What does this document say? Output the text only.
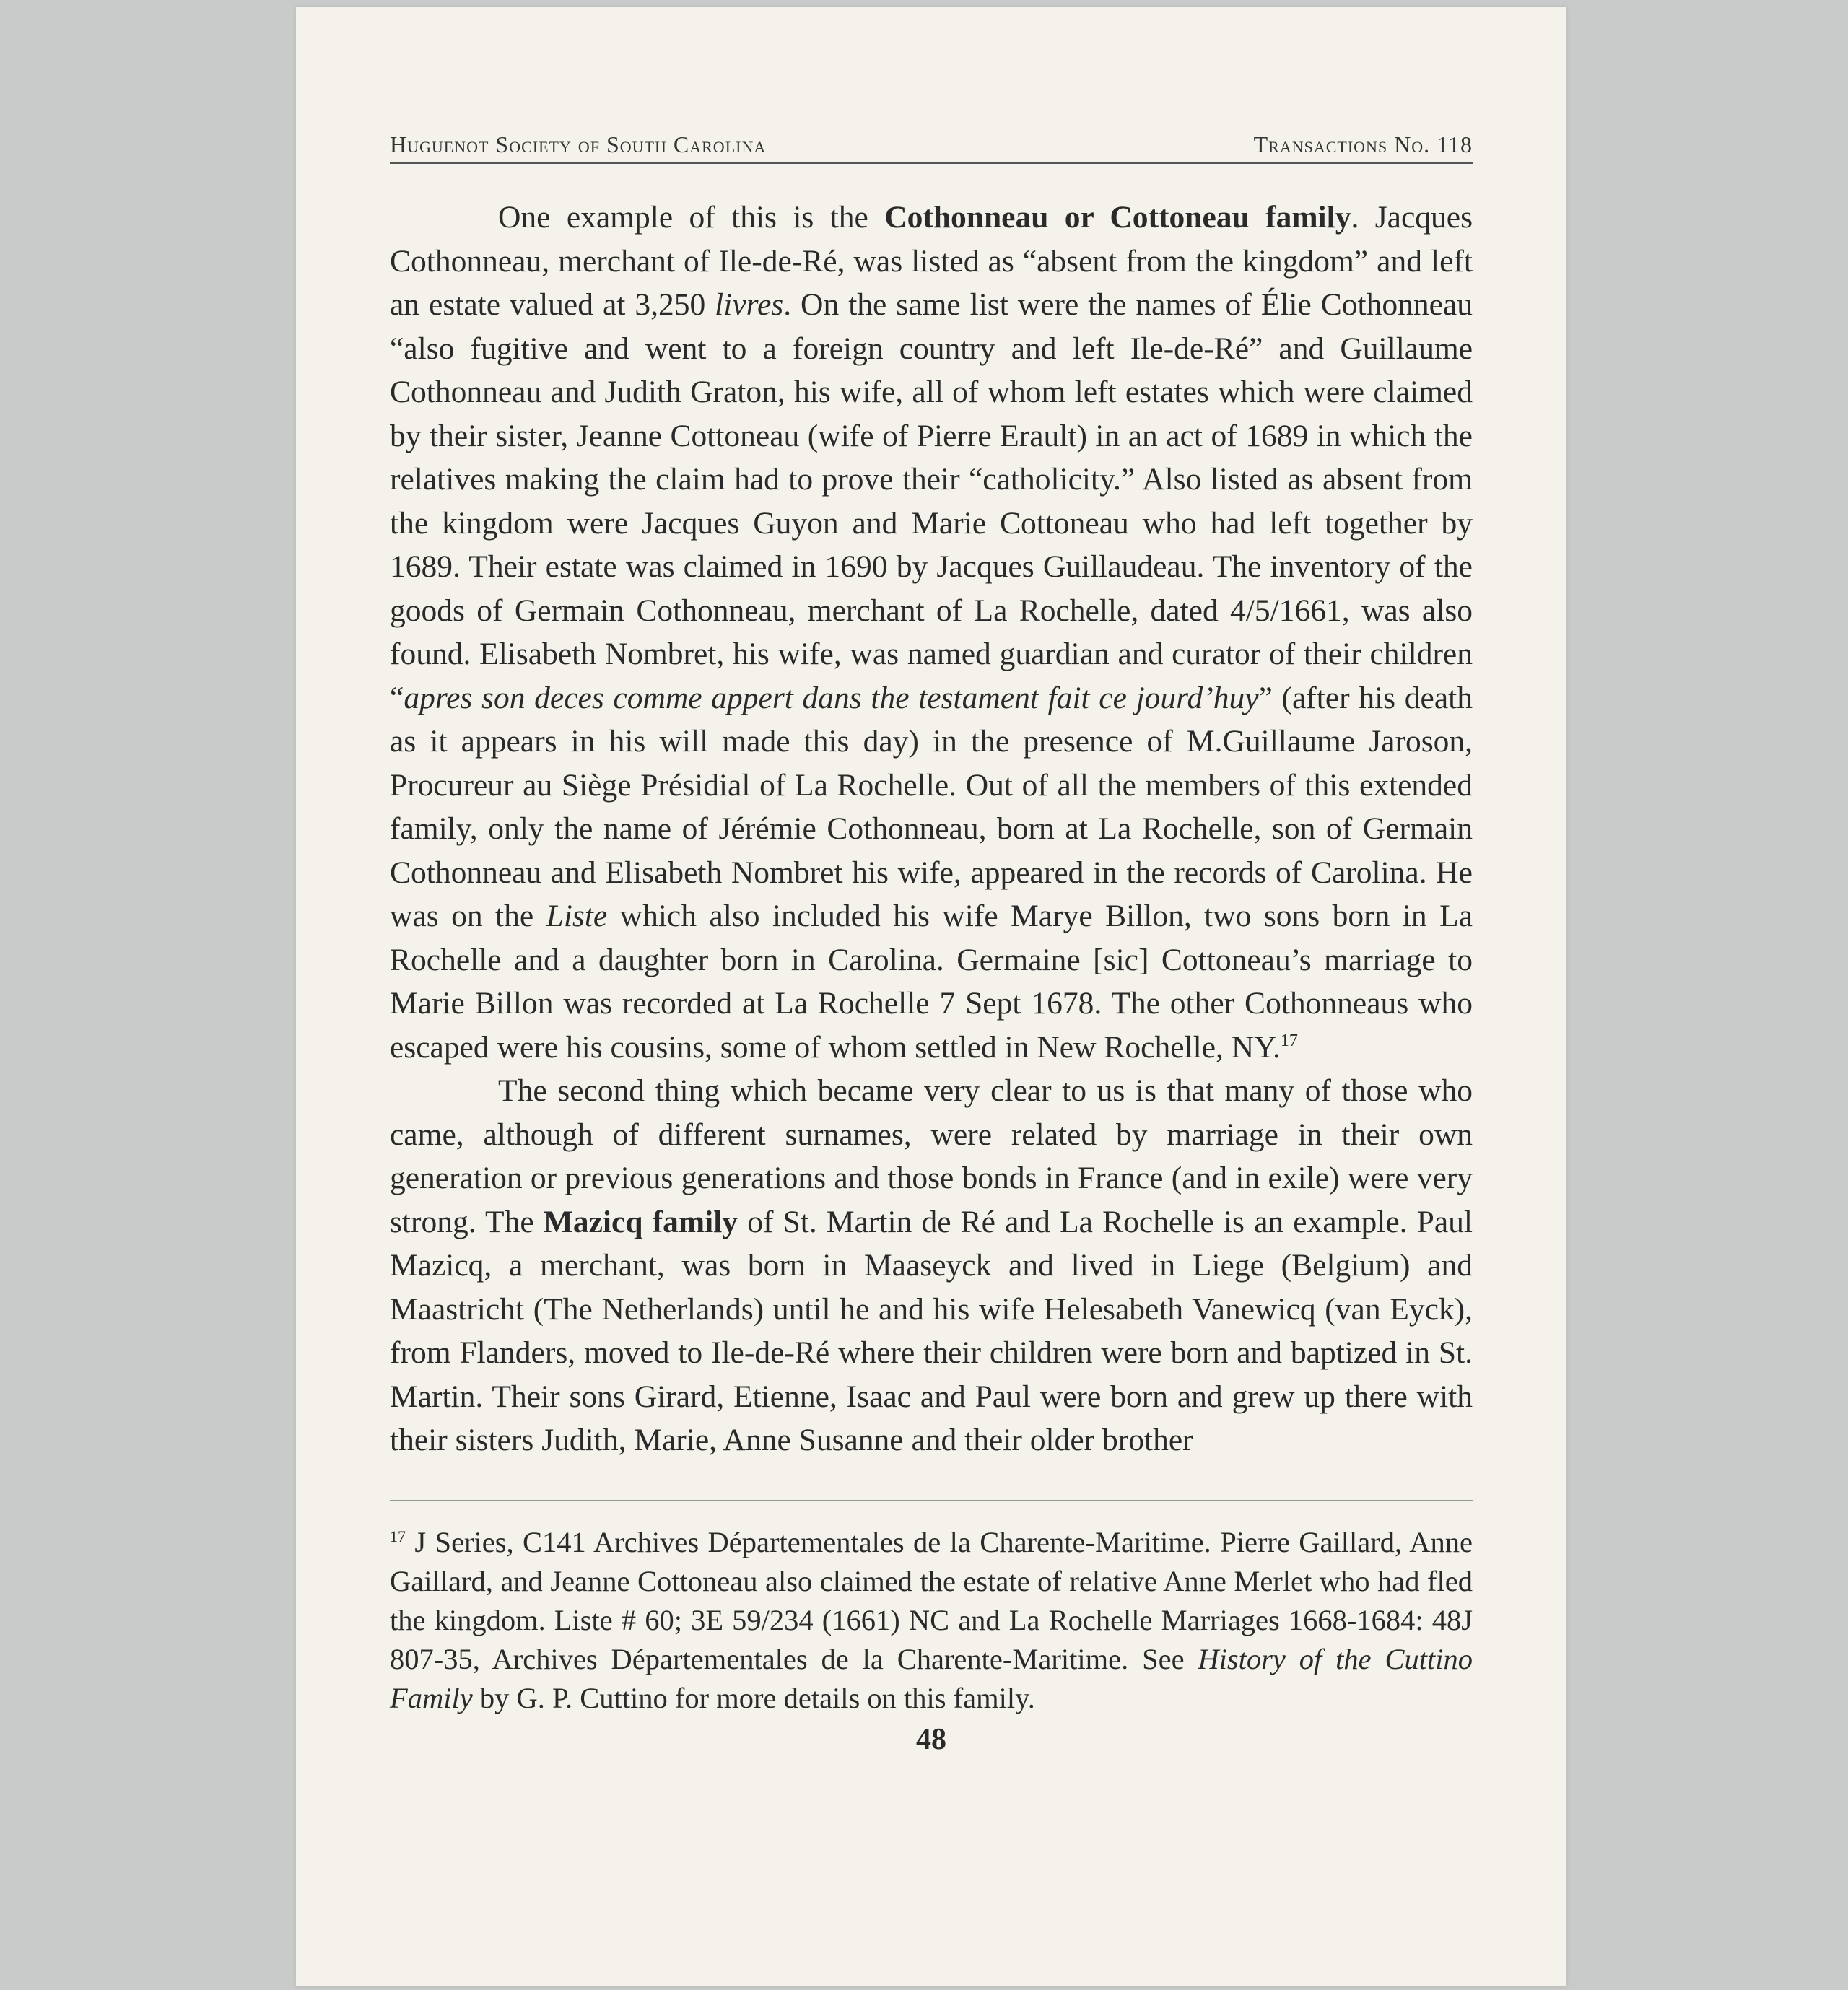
Huguenot Society of South Carolina	Transactions No. 118

One example of this is the Cothonneau or Cottoneau family. Jacques Cothonneau, merchant of Ile-de-Ré, was listed as “absent from the kingdom” and left an estate valued at 3,250 livres. On the same list were the names of Élie Cothonneau “also fugitive and went to a foreign country and left Ile-de-Ré” and Guillaume Cothonneau and Judith Graton, his wife, all of whom left estates which were claimed by their sister, Jeanne Cottoneau (wife of Pierre Erault) in an act of 1689 in which the relatives making the claim had to prove their “catholicity.” Also listed as absent from the kingdom were Jacques Guyon and Marie Cottoneau who had left together by 1689. Their estate was claimed in 1690 by Jacques Guillaudeau. The inventory of the goods of Germain Cothonneau, merchant of La Rochelle, dated 4/5/1661, was also found. Elisabeth Nombret, his wife, was named guardian and curator of their children “apres son deces comme appert dans the testament fait ce jourd’huy” (after his death as it appears in his will made this day) in the presence of M.Guillaume Jaroson, Procureur au Siège Présidial of La Rochelle. Out of all the members of this extended family, only the name of Jérémie Cothonneau, born at La Rochelle, son of Germain Cothonneau and Elisabeth Nombret his wife, appeared in the records of Carolina. He was on the Liste which also included his wife Marye Billon, two sons born in La Rochelle and a daughter born in Carolina. Germaine [sic] Cottoneau’s marriage to Marie Billon was recorded at La Rochelle 7 Sept 1678. The other Cothonneaus who escaped were his cousins, some of whom settled in New Rochelle, NY.$^{17}$

The second thing which became very clear to us is that many of those who came, although of different surnames, were related by marriage in their own generation or previous generations and those bonds in France (and in exile) were very strong. The Mazicq family of St. Martin de Ré and La Rochelle is an example. Paul Mazicq, a merchant, was born in Maaseyck and lived in Liege (Belgium) and Maastricht (The Netherlands) until he and his wife Helesabeth Vanewicq (van Eyck), from Flanders, moved to Ile-de-Ré where their children were born and baptized in St. Martin. Their sons Girard, Etienne, Isaac and Paul were born and grew up there with their sisters Judith, Marie, Anne Susanne and their older brother

$^{17}$ J Series, C141 Archives Départementales de la Charente-Maritime. Pierre Gaillard, Anne Gaillard, and Jeanne Cottoneau also claimed the estate of relative Anne Merlet who had fled the kingdom. Liste # 60; 3E 59/234 (1661) NC and La Rochelle Marriages 1668-1684: 48J 807-35, Archives Départementales de la Charente-Maritime. See History of the Cuttino Family by G. P. Cuttino for more details on this family.

48
